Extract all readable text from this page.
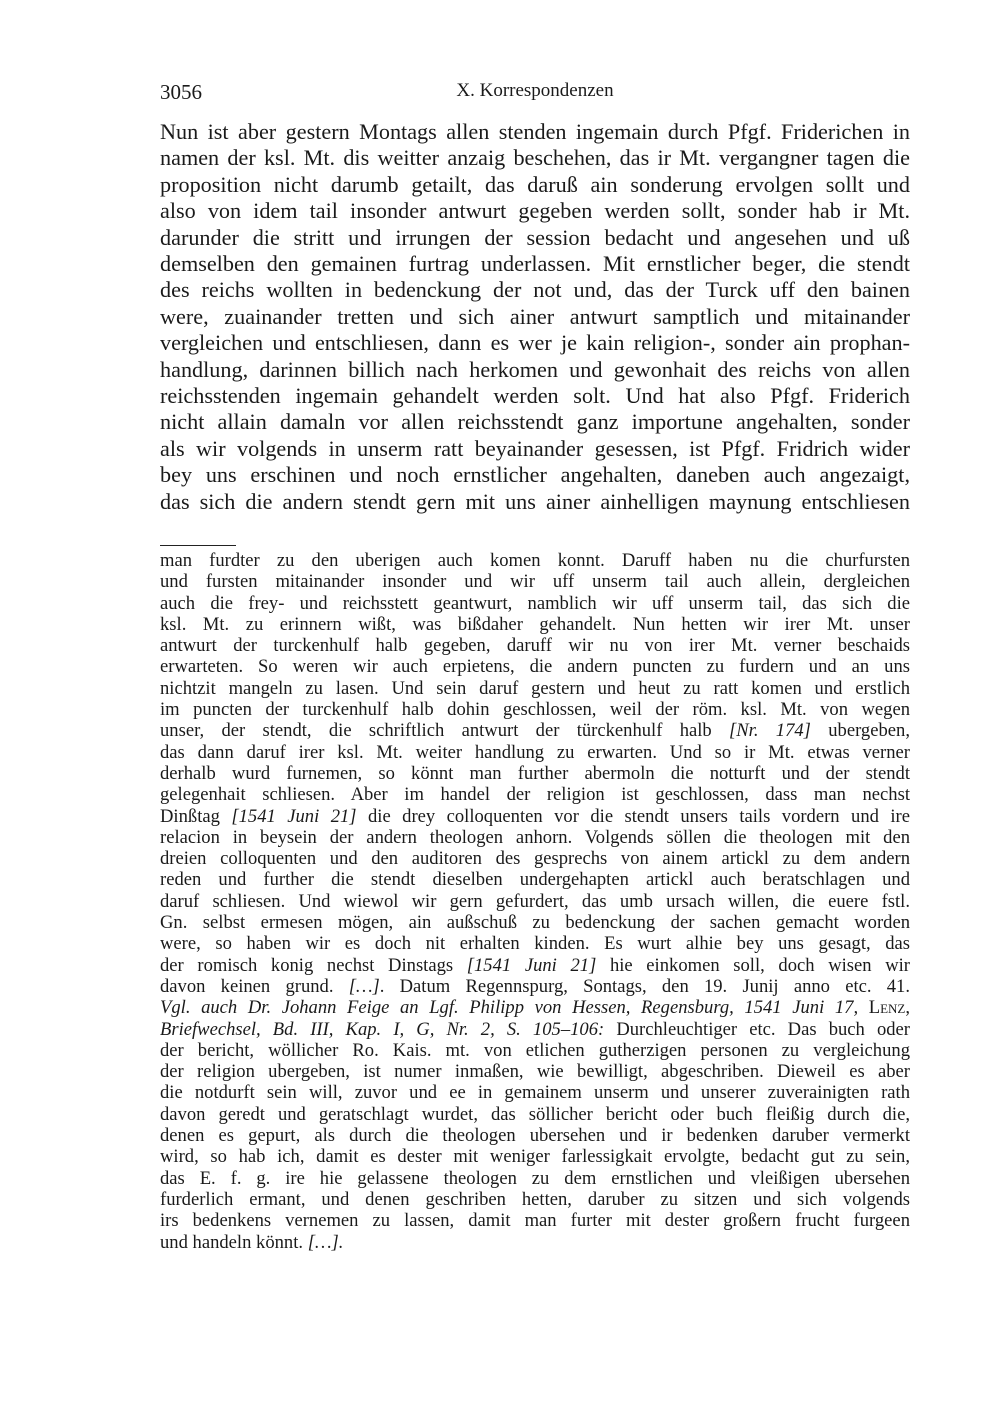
3056	X. Korrespondenzen
Nun ist aber gestern Montags allen stenden ingemain durch Pfgf. Friderichen in
namen der ksl. Mt. dis weitter anzaig beschehen, das ir Mt. vergangner tagen die
proposition nicht darumb getailt, das daruß ain sonderung ervolgen sollt und
also von idem tail insonder antwurt gegeben werden sollt, sonder hab ir Mt.
darunder die stritt und irrungen der session bedacht und angesehen und uß
demselben den gemainen furtrag underlassen. Mit ernstlicher beger, die stendt
des reichs wollten in bedenckung der not und, das der Turck uff den bainen
were, zuainander tretten und sich ainer antwurt samptlich und mitainander
vergleichen und entschliesen, dann es wer je kain religion-, sonder ain prophan-
handlung, darinnen billich nach herkomen und gewonhait des reichs von allen
reichsstenden ingemain gehandelt werden solt. Und hat also Pfgf. Friderich
nicht allain damaln vor allen reichsstendt ganz importune angehalten, sonder
als wir volgends in unserm ratt beyainander gesessen, ist Pfgf. Fridrich wider
bey uns erschinen und noch ernstlicher angehalten, daneben auch angezaigt,
das sich die andern stendt gern mit uns ainer ainhelligen maynung entschliesen
man furdter zu den uberigen auch komen konnt. Daruff haben nu die churfursten
und fursten mitainander insonder und wir uff unserm tail auch allein, dergleichen
auch die frey- und reichsstett geantwurt, namblich wir uff unserm tail, das sich die
ksl. Mt. zu erinnern wißt, was bißdaher gehandelt. Nun hetten wir irer Mt. unser
antwurt der turckenhulf halb gegeben, daruff wir nu von irer Mt. verner beschaids
erwarteten. So weren wir auch erpietens, die andern puncten zu furdern und an uns
nichtzit mangeln zu lasen. Und sein daruf gestern und heut zu ratt komen und erstlich
im puncten der turckenhulf halb dohin geschlossen, weil der röm. ksl. Mt. von wegen
unser, der stendt, die schriftlich antwurt der türckenhulf halb [Nr. 174] ubergeben,
das dann daruf irer ksl. Mt. weiter handlung zu erwarten. Und so ir Mt. etwas verner
derhalb wurd furnemen, so könnt man further abermoln die notturft und der stendt
gelegenhait schliesen. Aber im handel der religion ist geschlossen, dass man nechst
Dinßtag [1541 Juni 21] die drey colloquenten vor die stendt unsers tails vordern und ire
relacion in beysein der andern theologen anhorn. Volgends söllen die theologen mit den
dreien colloquenten und den auditoren des gesprechs von ainem artickl zu dem andern
reden und further die stendt dieselben undergehapten artickl auch beratschlagen und
daruf schliesen. Und wiewol wir gern gefurdert, das umb ursach willen, die euere fstl.
Gn. selbst ermesen mögen, ain außschuß zu bedenckung der sachen gemacht worden
were, so haben wir es doch nit erhalten kinden. Es wurt alhie bey uns gesagt, das
der romisch konig nechst Dinstags [1541 Juni 21] hie einkomen soll, doch wisen wir
davon keinen grund. […]. Datum Regennspurg, Sontags, den 19. Junij anno etc. 41.
Vgl. auch Dr. Johann Feige an Lgf. Philipp von Hessen, Regensburg, 1541 Juni 17, Lenz,
Briefwechsel, Bd. III, Kap. I, G, Nr. 2, S. 105–106: Durchleuchtiger etc. Das buch oder
der bericht, wöllicher Ro. Kais. mt. von etlichen gutherzigen personen zu vergleichung
der religion ubergeben, ist numer inmaßen, wie bewilligt, abgeschriben. Dieweil es aber
die notdurft sein will, zuvor und ee in gemainem unserm und unserer zuverainigten rath
davon geredt und geratschlagt wurdet, das söllicher bericht oder buch fleißig durch die,
denen es gepurt, als durch die theologen ubersehen und ir bedenken daruber vermerkt
wird, so hab ich, damit es dester mit weniger farlessigkait ervolgte, bedacht gut zu sein,
das E. f. g. ire hie gelassene theologen zu dem ernstlichen und vleißigen ubersehen
furderlich ermant, und denen geschriben hetten, daruber zu sitzen und sich volgends
irs bedenkens vernemen zu lassen, damit man furter mit dester großern frucht furgeen
und handeln könnt. […].
